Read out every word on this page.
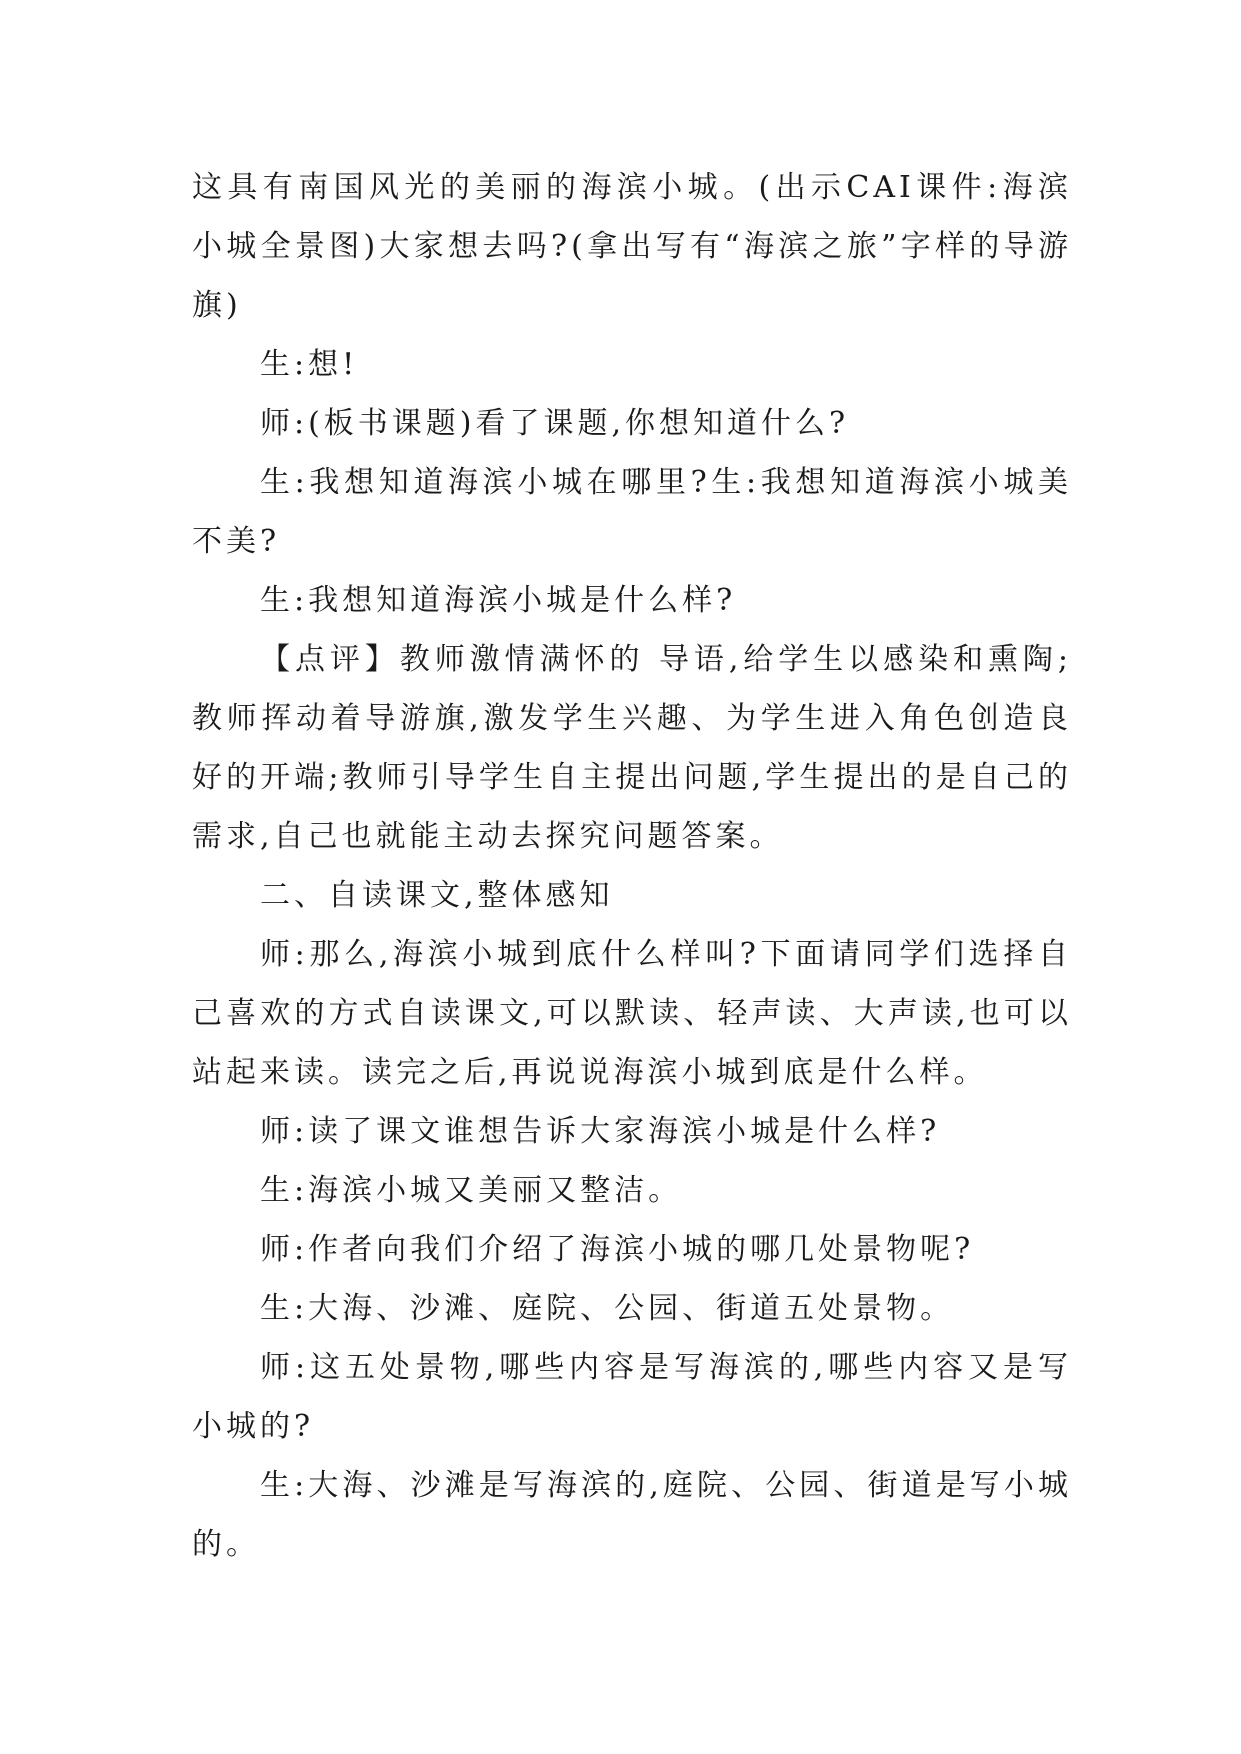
这具有南国风光的美丽的海滨小城。(出示CAI课件:海滨小城全景图)大家想去吗?(拿出写有“海滨之旅”字样的导游旗)

生:想!

师:(板书课题)看了课题,你想知道什么?

生:我想知道海滨小城在哪里?生:我想知道海滨小城美不美?

生:我想知道海滨小城是什么样?

【点评】教师激情满怀的 导语,给学生以感染和熏陶;教师挥动着导游旗,激发学生兴趣、为学生进入角色创造良好的开端;教师引导学生自主提出问题,学生提出的是自己的需求,自己也就能主动去探究问题答案。

二、自读课文,整体感知

师:那么,海滨小城到底什么样叫?下面请同学们选择自己喜欢的方式自读课文,可以默读、轻声读、大声读,也可以站起来读。读完之后,再说说海滨小城到底是什么样。

师:读了课文谁想告诉大家海滨小城是什么样?

生:海滨小城又美丽又整洁。

师:作者向我们介绍了海滨小城的哪几处景物呢?

生:大海、沙滩、庭院、公园、街道五处景物。

师:这五处景物,哪些内容是写海滨的,哪些内容又是写小城的?

生:大海、沙滩是写海滨的,庭院、公园、街道是写小城的。
